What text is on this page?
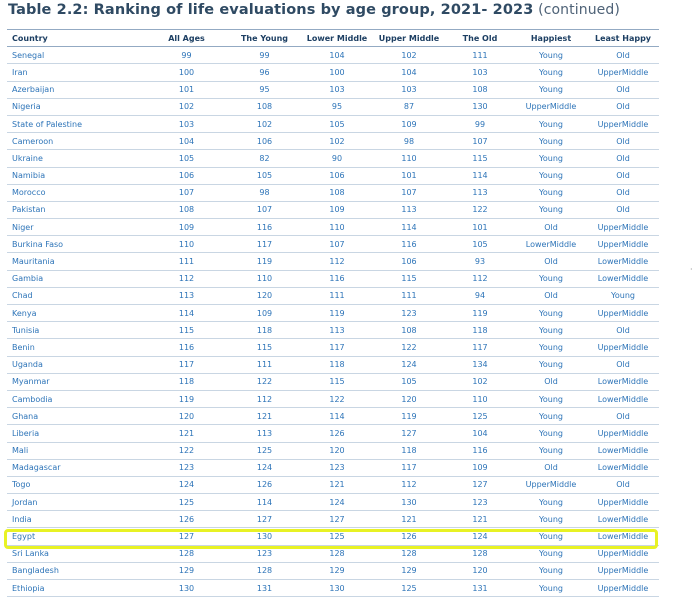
Table 2.2: Ranking of life evaluations by age group, 2021- 2023 (continued)
Country	All Ages	The Young	Lower Middle	Upper Middle	The Old	Happiest	Least Happy
Senegal	99	99	104	102	111	Young	Old
Iran	100	96	100	104	103	Young	UpperMiddle
Azerbaijan	101	95	103	103	108	Young	Old
Nigeria	102	108	95	87	130	UpperMiddle	Old
State of Palestine	103	102	105	109	99	Young	UpperMiddle
Cameroon	104	106	102	98	107	Young	Old
Ukraine	105	82	90	110	115	Young	Old
Namibia	106	105	106	101	114	Young	Old
Morocco	107	98	108	107	113	Young	Old
Pakistan	108	107	109	113	122	Young	Old
Niger	109	116	110	114	101	Old	UpperMiddle
Burkina Faso	110	117	107	116	105	LowerMiddle	UpperMiddle
Mauritania	111	119	112	106	93	Old	LowerMiddle
Gambia	112	110	116	115	112	Young	LowerMiddle
Chad	113	120	111	111	94	Old	Young
Kenya	114	109	119	123	119	Young	UpperMiddle
Tunisia	115	118	113	108	118	Young	Old
Benin	116	115	117	122	117	Young	UpperMiddle
Uganda	117	111	118	124	134	Young	Old
Myanmar	118	122	115	105	102	Old	LowerMiddle
Cambodia	119	112	122	120	110	Young	LowerMiddle
Ghana	120	121	114	119	125	Young	Old
Liberia	121	113	126	127	104	Young	UpperMiddle
Mali	122	125	120	118	116	Young	LowerMiddle
Madagascar	123	124	123	117	109	Old	LowerMiddle
Togo	124	126	121	112	127	UpperMiddle	Old
Jordan	125	114	124	130	123	Young	UpperMiddle
India	126	127	127	121	121	Young	LowerMiddle
Egypt	127	130	125	126	124	Young	LowerMiddle
Sri Lanka	128	123	128	128	128	Young	UpperMiddle
Bangladesh	129	128	129	129	120	Young	UpperMiddle
Ethiopia	130	131	130	125	131	Young	UpperMiddle
·
